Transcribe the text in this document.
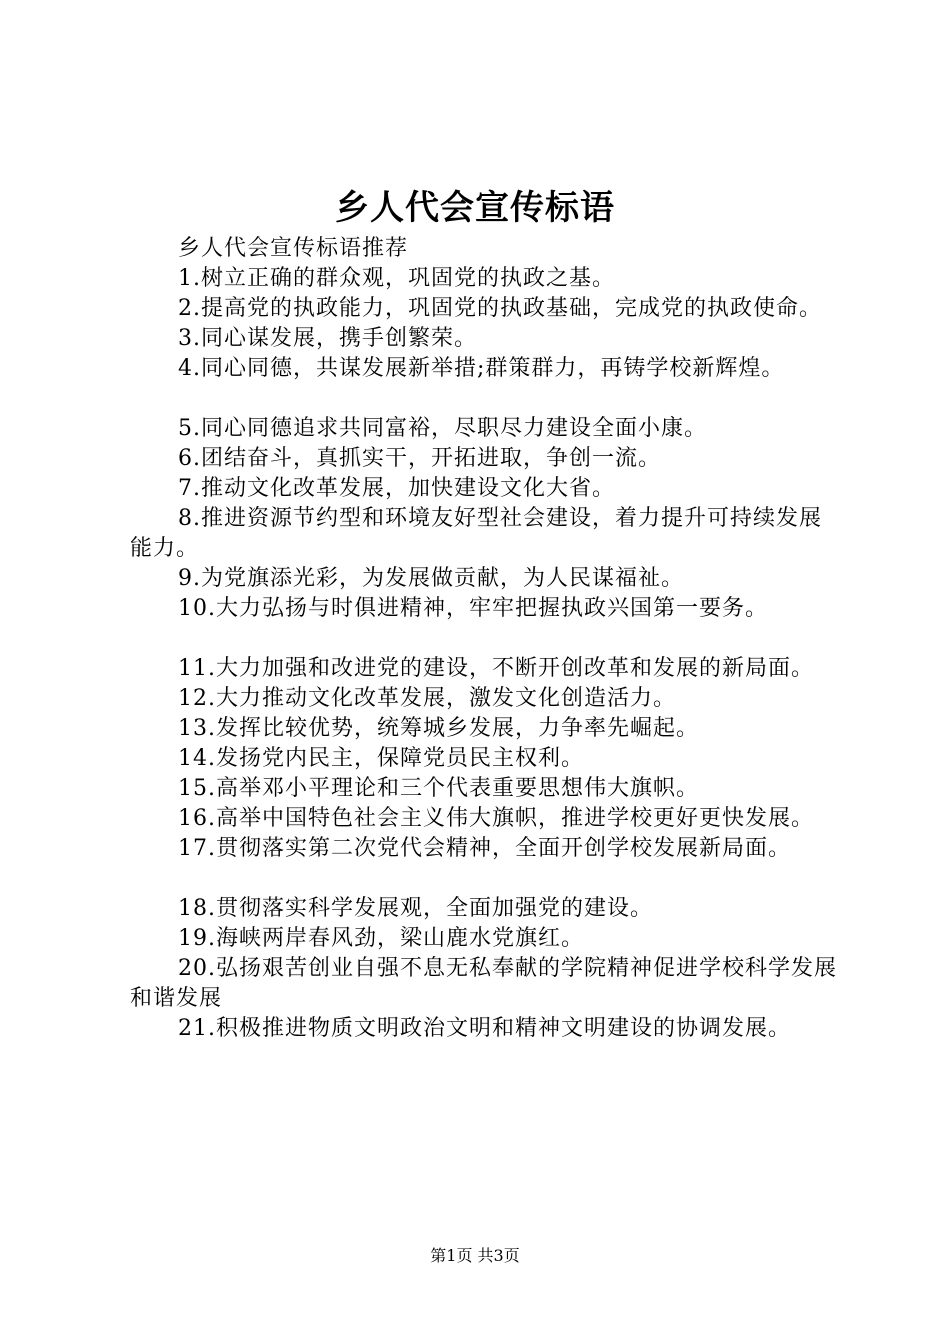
乡人代会宣传标语

乡人代会宣传标语推荐

1.树立正确的群众观，巩固党的执政之基。

2.提高党的执政能力，巩固党的执政基础，完成党的执政使命。

3.同心谋发展，携手创繁荣。

4.同心同德，共谋发展新举措;群策群力，再铸学校新辉煌。

5.同心同德追求共同富裕，尽职尽力建设全面小康。

6.团结奋斗，真抓实干，开拓进取，争创一流。

7.推动文化改革发展，加快建设文化大省。

8.推进资源节约型和环境友好型社会建设，着力提升可持续发展能力。

9.为党旗添光彩，为发展做贡献，为人民谋福祉。

10.大力弘扬与时俱进精神，牢牢把握执政兴国第一要务。

11.大力加强和改进党的建设，不断开创改革和发展的新局面。

12.大力推动文化改革发展，激发文化创造活力。

13.发挥比较优势，统筹城乡发展，力争率先崛起。

14.发扬党内民主，保障党员民主权利。

15.高举邓小平理论和三个代表重要思想伟大旗帜。

16.高举中国特色社会主义伟大旗帜，推进学校更好更快发展。

17.贯彻落实第二次党代会精神，全面开创学校发展新局面。

18.贯彻落实科学发展观，全面加强党的建设。

19.海峡两岸春风劲，梁山鹿水党旗红。

20.弘扬艰苦创业自强不息无私奉献的学院精神促进学校科学发展和谐发展

21.积极推进物质文明政治文明和精神文明建设的协调发展。

第1页 共3页
